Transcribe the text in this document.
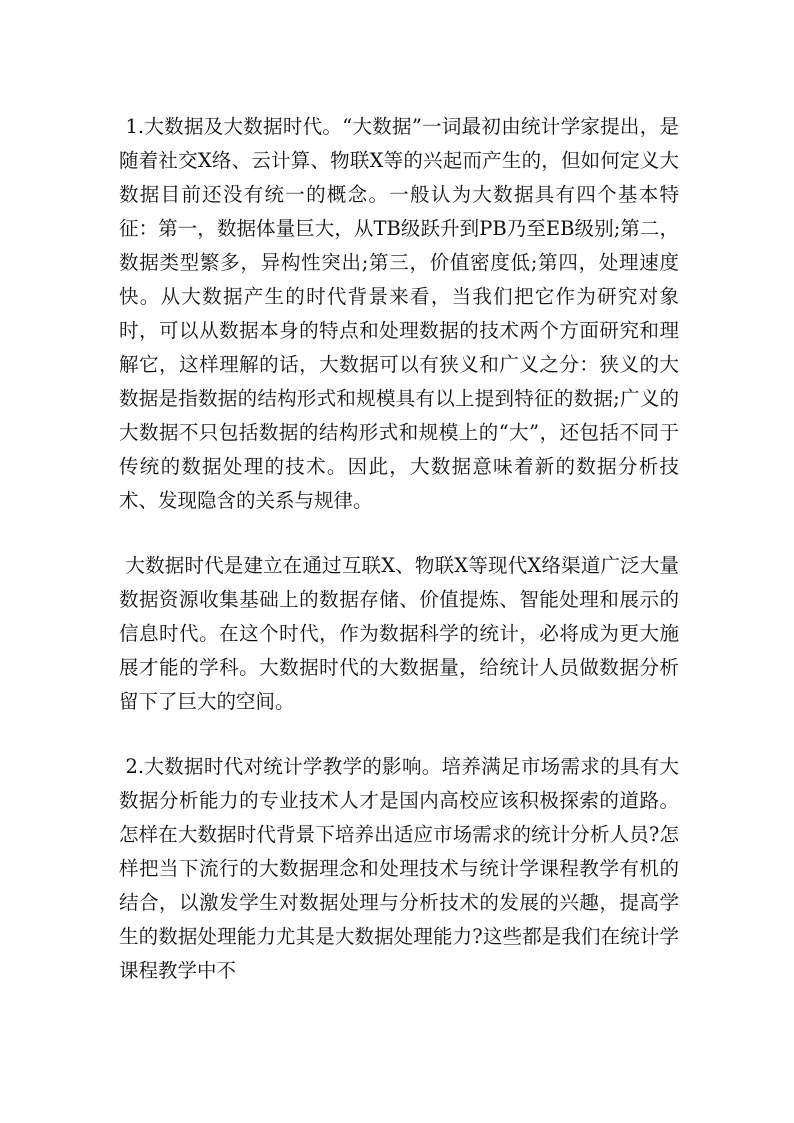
1.大数据及大数据时代。“大数据”一词最初由统计学家提出，是随着社交X络、云计算、物联X等的兴起而产生的，但如何定义大数据目前还没有统一的概念。一般认为大数据具有四个基本特征：第一，数据体量巨大，从TB级跃升到PB乃至EB级别;第二，数据类型繁多，异构性突出;第三，价值密度低;第四，处理速度快。从大数据产生的时代背景来看，当我们把它作为研究对象时，可以从数据本身的特点和处理数据的技术两个方面研究和理解它，这样理解的话，大数据可以有狭义和广义之分：狭义的大数据是指数据的结构形式和规模具有以上提到特征的数据;广义的大数据不只包括数据的结构形式和规模上的“大”，还包括不同于传统的数据处理的技术。因此，大数据意味着新的数据分析技术、发现隐含的关系与规律。

大数据时代是建立在通过互联X、物联X等现代X络渠道广泛大量数据资源收集基础上的数据存储、价值提炼、智能处理和展示的信息时代。在这个时代，作为数据科学的统计，必将成为更大施展才能的学科。大数据时代的大数据量，给统计人员做数据分析留下了巨大的空间。

2.大数据时代对统计学教学的影响。培养满足市场需求的具有大数据分析能力的专业技术人才是国内高校应该积极探索的道路。怎样在大数据时代背景下培养出适应市场需求的统计分析人员?怎样把当下流行的大数据理念和处理技术与统计学课程教学有机的结合，以激发学生对数据处理与分析技术的发展的兴趣，提高学生的数据处理能力尤其是大数据处理能力?这些都是我们在统计学课程教学中不
